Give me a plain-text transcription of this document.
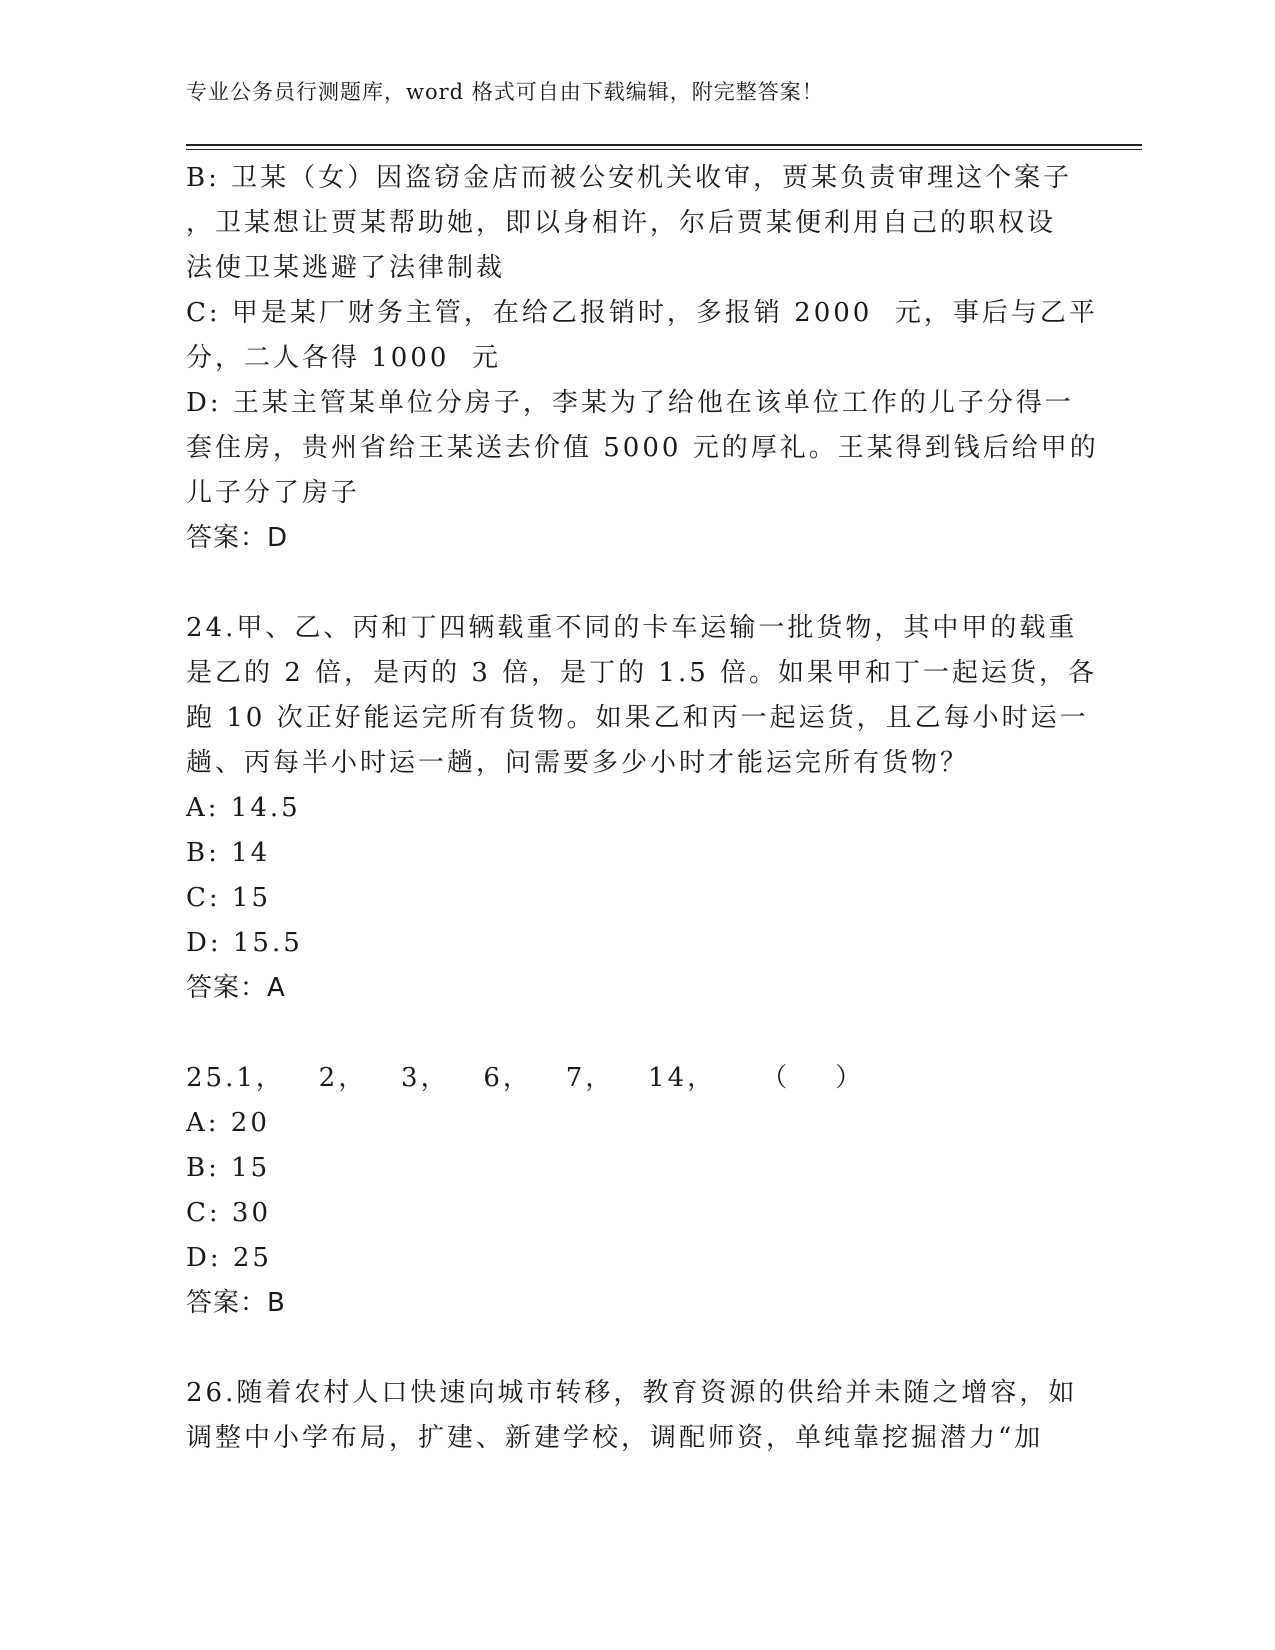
专业公务员行测题库，word 格式可自由下载编辑，附完整答案！
B: 卫某（女）因盗窃金店而被公安机关收审，贾某负责审理这个案子
，卫某想让贾某帮助她，即以身相许，尔后贾某便利用自己的职权设
法使卫某逃避了法律制裁
C: 甲是某厂财务主管，在给乙报销时，多报销 2000  元，事后与乙平
分，二人各得 1000  元
D: 王某主管某单位分房子，李某为了给他在该单位工作的儿子分得一
套住房，贵州省给王某送去价值 5000 元的厚礼。王某得到钱后给甲的
儿子分了房子
答案：D
24.甲、乙、丙和丁四辆载重不同的卡车运输一批货物，其中甲的载重
是乙的 2 倍，是丙的 3 倍，是丁的 1.5 倍。如果甲和丁一起运货，各
跑 10 次正好能运完所有货物。如果乙和丙一起运货，且乙每小时运一
趟、丙每半小时运一趟，问需要多少小时才能运完所有货物？
A: 14.5
B: 14
C: 15
D: 15.5
答案：A
25.1，   2，   3，   6，   7，   14，    （    ）
A: 20
B: 15
C: 30
D: 25
答案：B
26.随着农村人口快速向城市转移，教育资源的供给并未随之增容，如
调整中小学布局，扩建、新建学校，调配师资，单纯靠挖掘潜力“加
